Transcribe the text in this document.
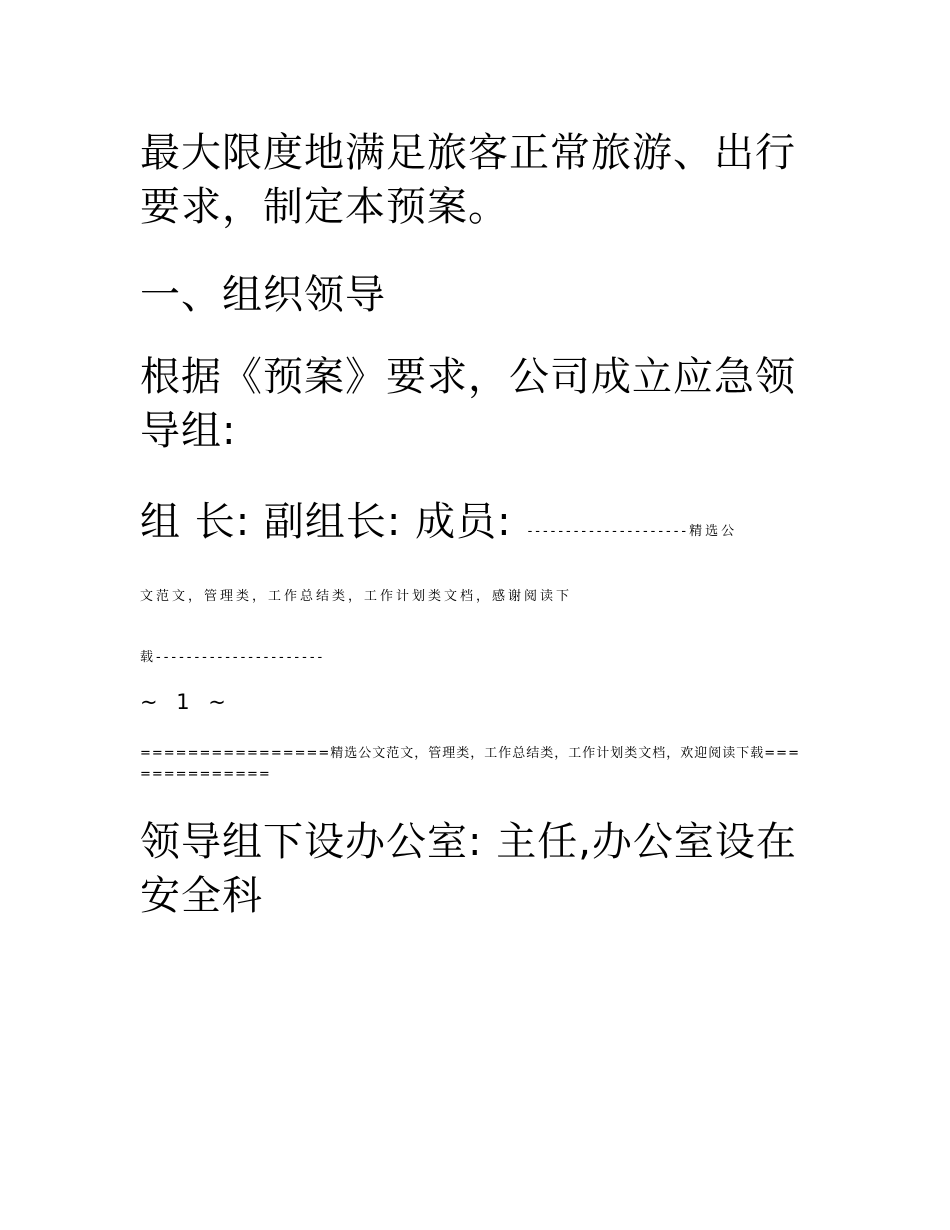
最大限度地满足旅客正常旅游、出行要求，制定本预案。

一、组织领导

根据《预案》要求，公司成立应急领导组:

组 长: 副组长: 成员: ---------------------精选公

文范文，管理类，工作总结类，工作计划类文档，感谢阅读下

载----------------------

~ 1 ~

================精选公文范文，管理类，工作总结类，工作计划类文档，欢迎阅读下载==============

领导组下设办公室: 主任,办公室设在安全科
